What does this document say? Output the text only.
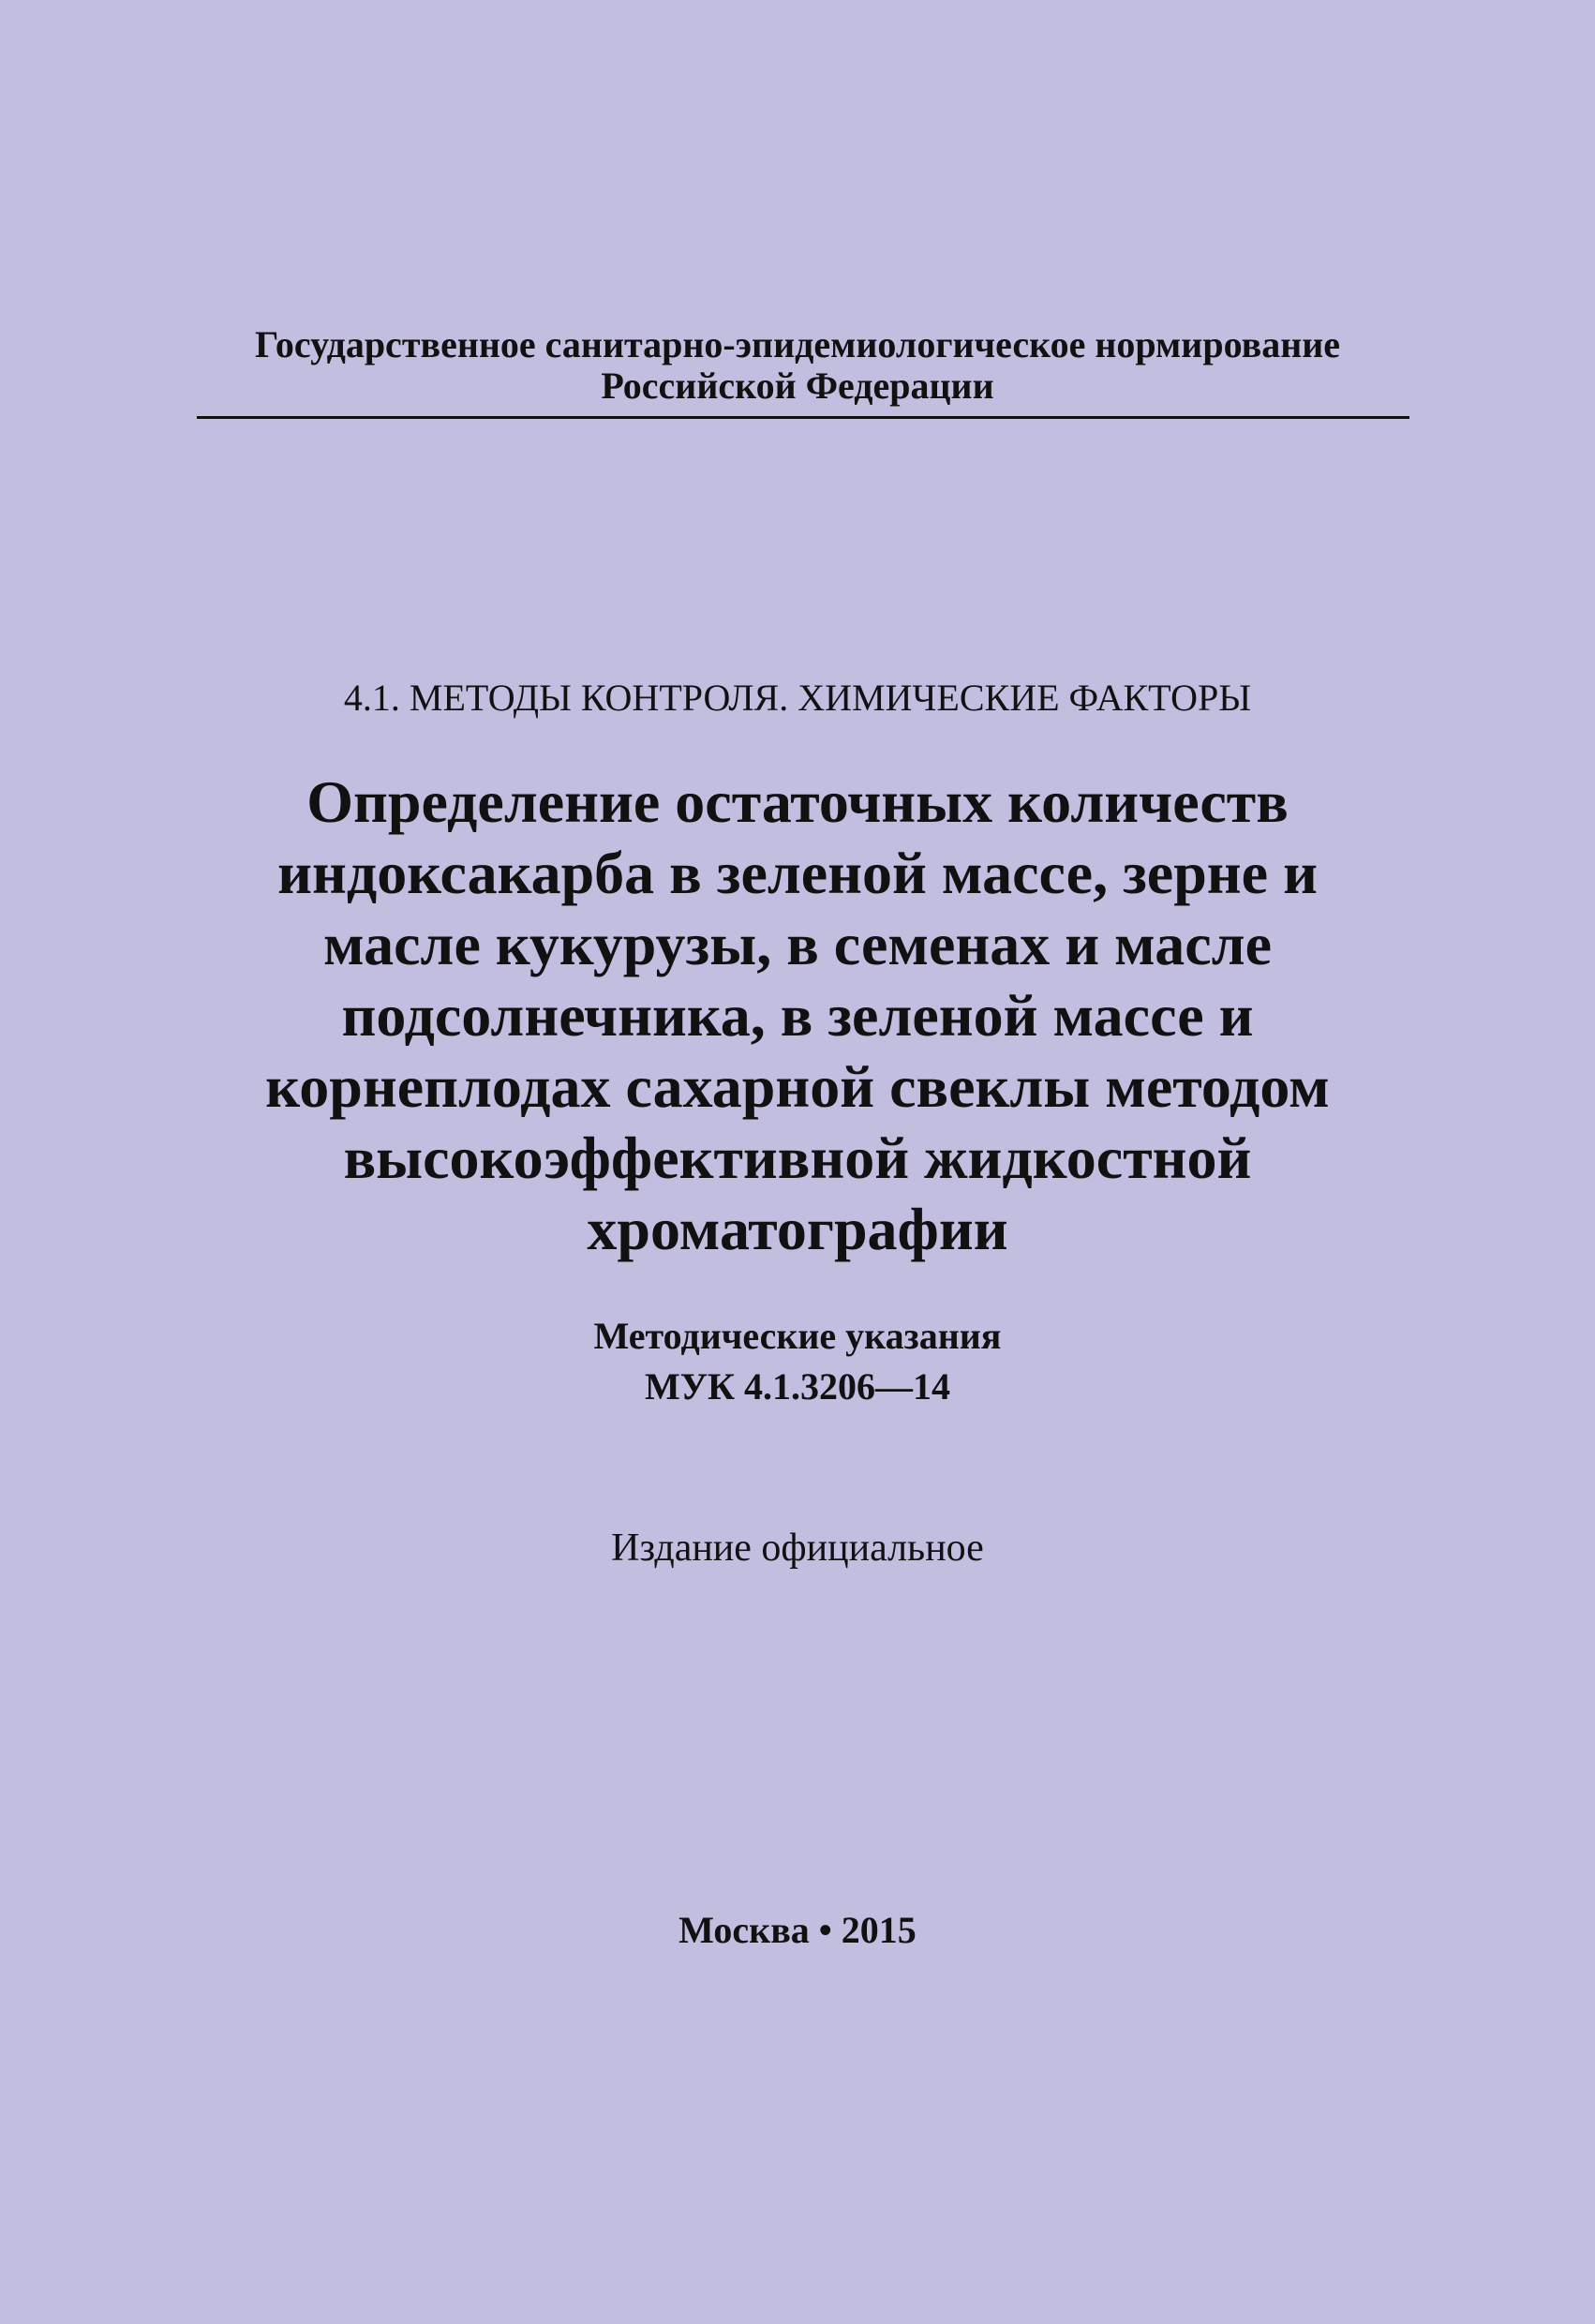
Государственное санитарно-эпидемиологическое нормирование
Российской Федерации
4.1. МЕТОДЫ КОНТРОЛЯ. ХИМИЧЕСКИЕ ФАКТОРЫ
Определение остаточных количеств
индоксакарба в зеленой массе, зерне и
масле кукурузы, в семенах и масле
подсолнечника, в зеленой массе и
корнеплодах сахарной свеклы методом
высокоэффективной жидкостной
хроматографии
Методические указания
МУК 4.1.3206—14
Издание официальное
Москва • 2015
